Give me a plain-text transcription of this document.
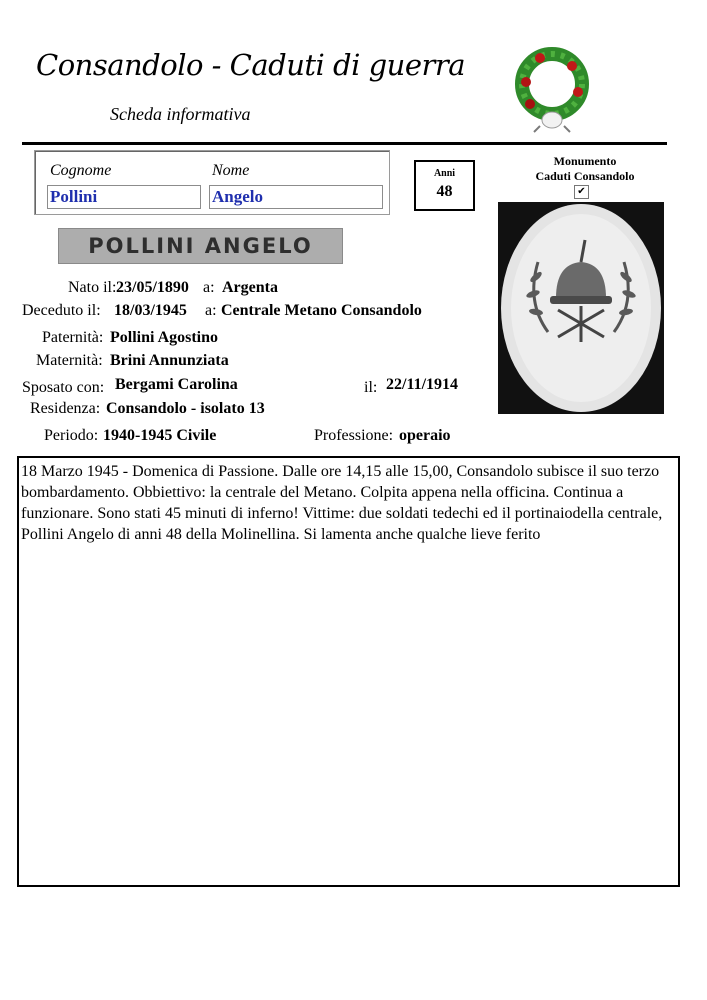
Consandolo - Caduti di guerra
Scheda informativa
Cognome	Nome
Pollini	Angelo
Anni
48
Monumento
Caduti Consandolo
✔
POLLINI ANGELO
Nato il: 23/05/1890 a: Argenta
Deceduto il: 18/03/1945 a: Centrale Metano Consandolo
Paternità: Pollini Agostino
Maternità: Brini Annunziata
Sposato con: Bergami Carolina	il: 22/11/1914
Residenza: Consandolo - isolato 13
Periodo: 1940-1945 Civile	Professione: operaio
18 Marzo 1945 - Domenica di Passione. Dalle ore 14,15 alle 15,00, Consandolo subisce il suo terzo bombardamento. Obbiettivo: la centrale del Metano. Colpita appena nella officina. Continua a funzionare. Sono stati 45 minuti di inferno! Vittime: due soldati tedechi ed il portinaiodella centrale, Pollini Angelo di anni 48 della Molinellina. Si lamenta anche qualche lieve ferito
